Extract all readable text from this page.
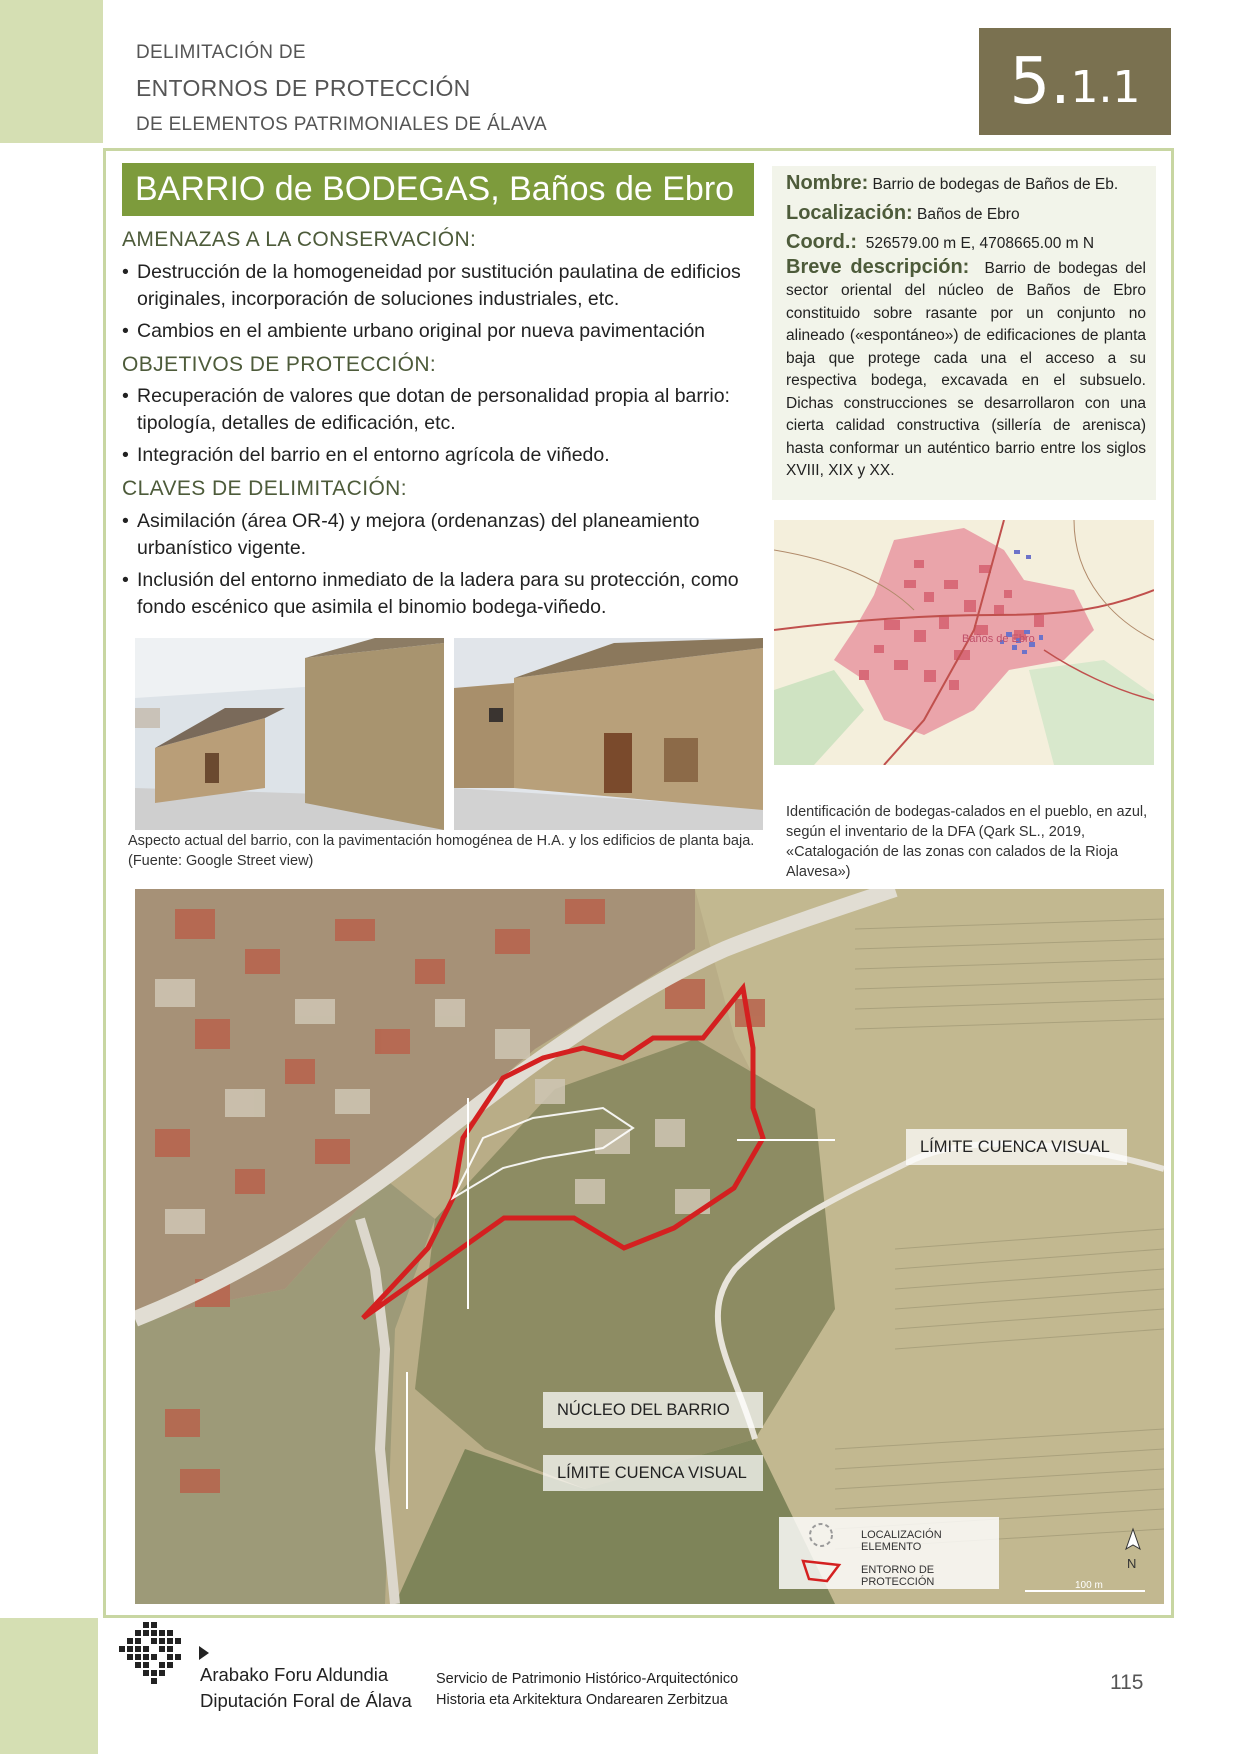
DELIMITACIÓN DE
ENTORNOS DE PROTECCIÓN
DE ELEMENTOS PATRIMONIALES DE ÁLAVA
5. 1.1
BARRIO de BODEGAS, Baños de Ebro
AMENAZAS A LA CONSERVACIÓN:
• Destrucción de la homogeneidad por sustitución paulatina de edificios originales, incorporación de soluciones industriales, etc.
• Cambios en el ambiente urbano original por nueva pavimentación
OBJETIVOS DE PROTECCIÓN:
• Recuperación de valores que dotan de personalidad propia al barrio: tipología, detalles de edificación, etc.
• Integración del barrio en el entorno agrícola de viñedo.
CLAVES DE DELIMITACIÓN:
• Asimilación (área OR-4) y mejora (ordenanzas) del planeamiento urbanístico vigente.
• Inclusión del entorno inmediato de la ladera para su protección, como fondo escénico que asimila el binomio bodega-viñedo.
Nombre: Barrio de bodegas de Baños de Eb.
Localización: Baños de Ebro
Coord.: 526579.00 m E, 4708665.00 m N
Breve descripción: Barrio de bodegas del sector oriental del núcleo de Baños de Ebro constituido sobre rasante por un conjunto no alineado («espontáneo») de edificaciones de planta baja que protege cada una el acceso a su respectiva bodega, excavada en el subsuelo. Dichas construcciones se desarrollaron con una cierta calidad constructiva (sillería de arenisca) hasta conformar un auténtico barrio entre los siglos XVIII, XIX y XX.
Baños de Ebro
Aspecto actual del barrio, con la pavimentación homogénea de H.A. y los edificios de planta baja. (Fuente: Google Street view)
Identificación de bodegas-calados en el pueblo, en azul, según el inventario de la DFA (Qark SL., 2019, «Catalogación de las zonas con calados de la Rioja Alavesa»)
N
100 m
LÍMITE CUENCA VISUAL
NÚCLEO DEL BARRIO
LÍMITE CUENCA VISUAL
LOCALIZACIÓN ELEMENTO
ENTORNO DE PROTECCIÓN
Arabako Foru Aldundia
Diputación Foral de Álava
Servicio de Patrimonio Histórico-Arquitectónico
Historia eta Arkitektura Ondarearen Zerbitzua
115
